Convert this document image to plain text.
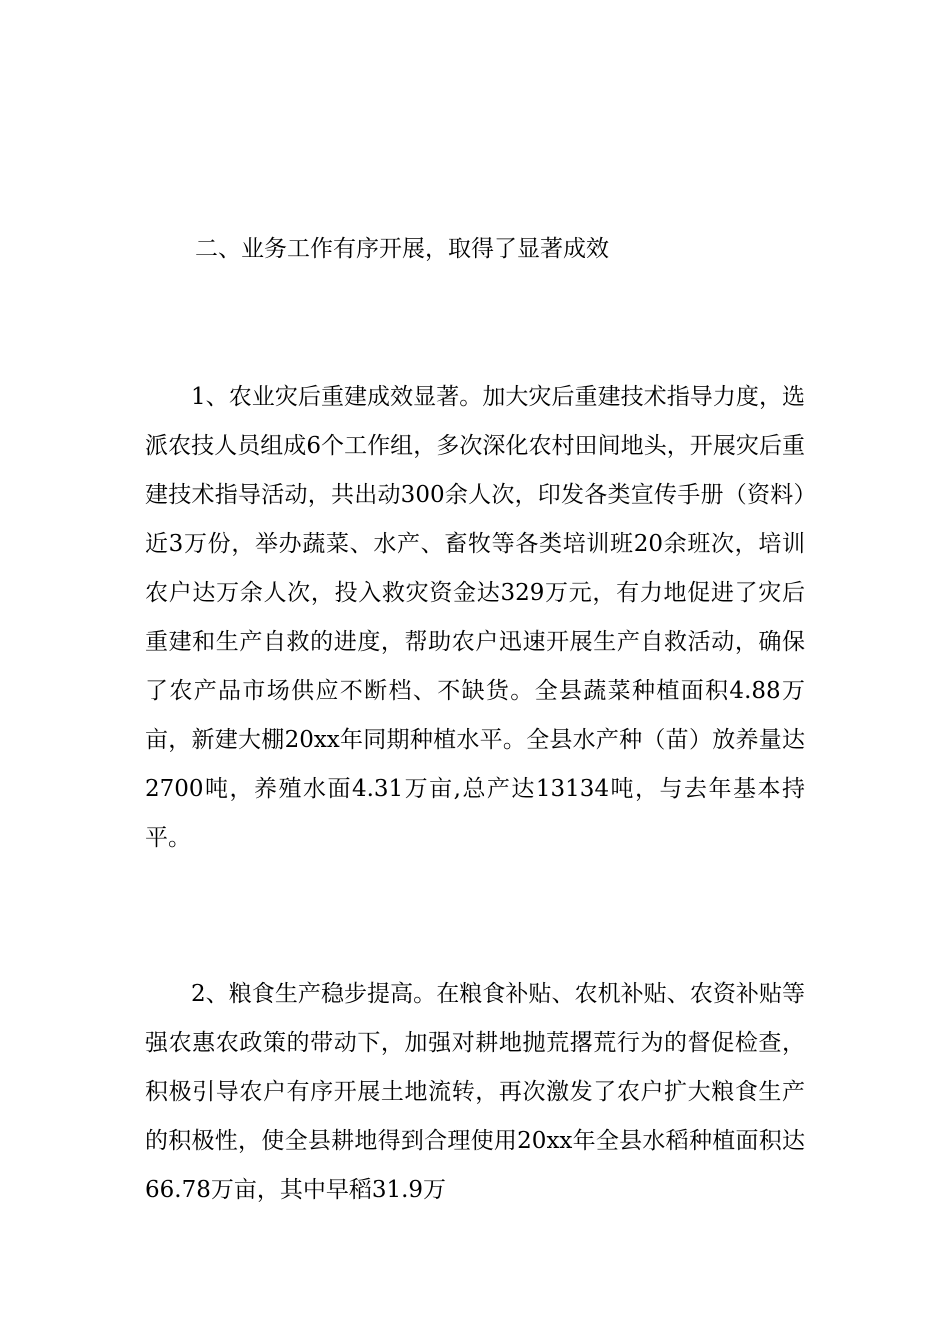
二、业务工作有序开展，取得了显著成效

1、农业灾后重建成效显著。加大灾后重建技术指导力度，选派农技人员组成6个工作组，多次深化农村田间地头，开展灾后重建技术指导活动，共出动300余人次，印发各类宣传手册（资料）近3万份，举办蔬菜、水产、畜牧等各类培训班20余班次，培训农户达万余人次，投入救灾资金达329万元，有力地促进了灾后重建和生产自救的进度，帮助农户迅速开展生产自救活动，确保了农产品市场供应不断档、不缺货。全县蔬菜种植面积4.88万亩，新建大棚20xx年同期种植水平。全县水产种（苗）放养量达2700吨，养殖水面4.31万亩,总产达13134吨，与去年基本持平。

2、粮食生产稳步提高。在粮食补贴、农机补贴、农资补贴等强农惠农政策的带动下，加强对耕地抛荒撂荒行为的督促检查，积极引导农户有序开展土地流转，再次激发了农户扩大粮食生产的积极性，使全县耕地得到合理使用20xx年全县水稻种植面积达66.78万亩，其中早稻31.9万
